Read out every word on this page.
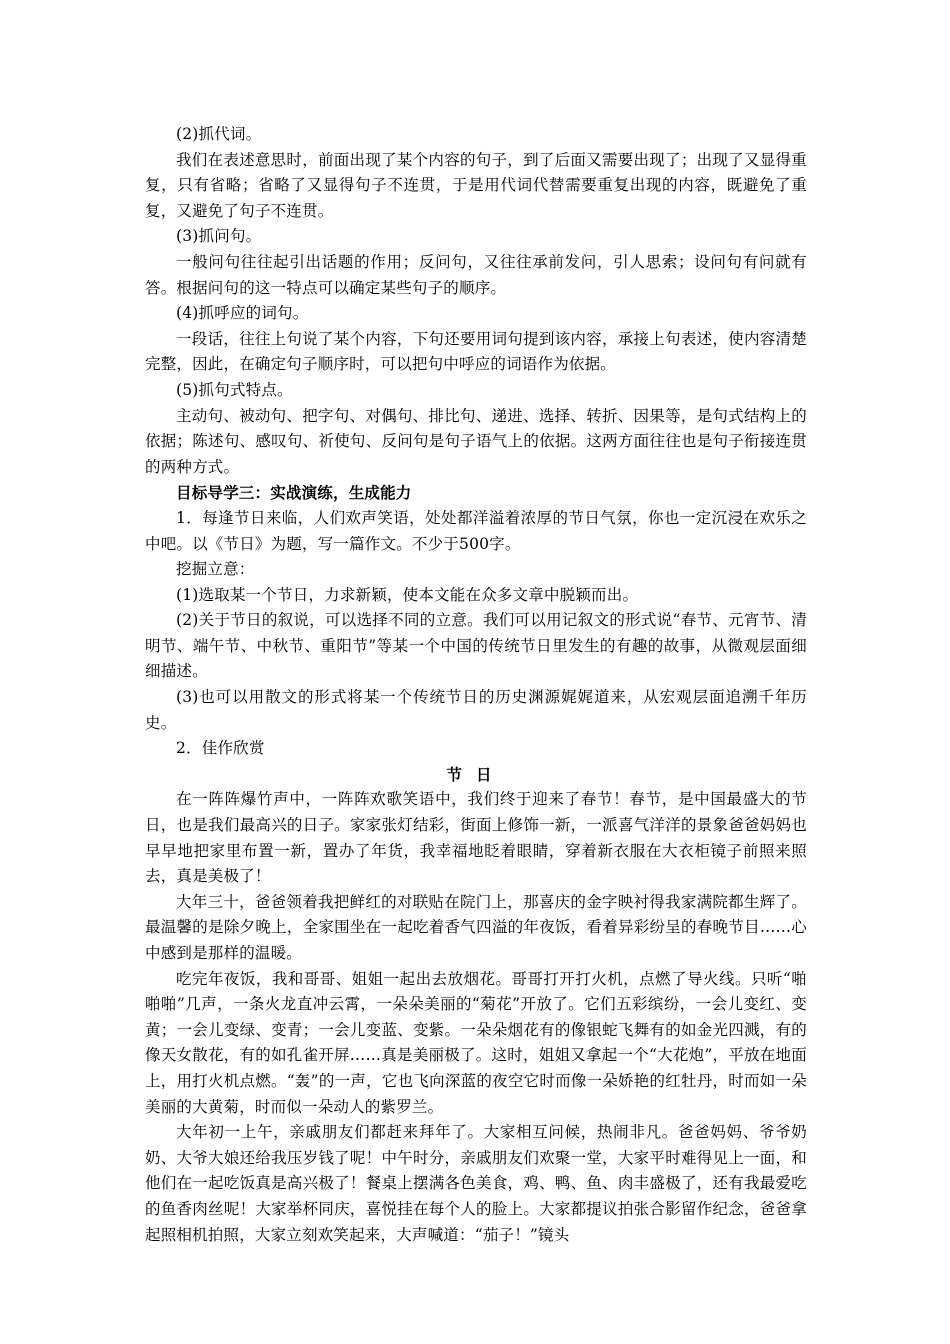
(2)抓代词。

我们在表述意思时，前面出现了某个内容的句子，到了后面又需要出现了；出现了又显得重复，只有省略；省略了又显得句子不连贯，于是用代词代替需要重复出现的内容，既避免了重复，又避免了句子不连贯。

(3)抓问句。

一般问句往往起引出话题的作用；反问句，又往往承前发问，引人思索；设问句有问就有答。根据问句的这一特点可以确定某些句子的顺序。

(4)抓呼应的词句。

一段话，往往上句说了某个内容，下句还要用词句提到该内容，承接上句表述，使内容清楚完整，因此，在确定句子顺序时，可以把句中呼应的词语作为依据。

(5)抓句式特点。

主动句、被动句、把字句、对偶句、排比句、递进、选择、转折、因果等，是句式结构上的依据；陈述句、感叹句、祈使句、反问句是句子语气上的依据。这两方面往往也是句子衔接连贯的两种方式。

目标导学三：实战演练，生成能力

1．每逢节日来临，人们欢声笑语，处处都洋溢着浓厚的节日气氛，你也一定沉浸在欢乐之中吧。以《节日》为题，写一篇作文。不少于500字。

挖掘立意：

(1)选取某一个节日，力求新颖，使本文能在众多文章中脱颖而出。

(2)关于节日的叙说，可以选择不同的立意。我们可以用记叙文的形式说“春节、元宵节、清明节、端午节、中秋节、重阳节”等某一个中国的传统节日里发生的有趣的故事，从微观层面细细描述。

(3)也可以用散文的形式将某一个传统节日的历史渊源娓娓道来，从宏观层面追溯千年历史。

2．佳作欣赏

节日

在一阵阵爆竹声中，一阵阵欢歌笑语中，我们终于迎来了春节！春节，是中国最盛大的节日，也是我们最高兴的日子。家家张灯结彩，街面上修饰一新，一派喜气洋洋的景象爸爸妈妈也早早地把家里布置一新，置办了年货，我幸福地眨着眼睛，穿着新衣服在大衣柜镜子前照来照去，真是美极了！

大年三十，爸爸领着我把鲜红的对联贴在院门上，那喜庆的金字映衬得我家满院都生辉了。最温馨的是除夕晚上，全家围坐在一起吃着香气四溢的年夜饭，看着异彩纷呈的春晚节目……心中感到是那样的温暖。

吃完年夜饭，我和哥哥、姐姐一起出去放烟花。哥哥打开打火机，点燃了导火线。只听“啪啪啪”几声，一条火龙直冲云霄，一朵朵美丽的“菊花”开放了。它们五彩缤纷，一会儿变红、变黄；一会儿变绿、变青；一会儿变蓝、变紫。一朵朵烟花有的像银蛇飞舞有的如金光四溅，有的像天女散花，有的如孔雀开屏……真是美丽极了。这时，姐姐又拿起一个“大花炮”，平放在地面上，用打火机点燃。“轰”的一声，它也飞向深蓝的夜空它时而像一朵娇艳的红牡丹，时而如一朵美丽的大黄菊，时而似一朵动人的紫罗兰。

大年初一上午，亲戚朋友们都赶来拜年了。大家相互问候，热闹非凡。爸爸妈妈、爷爷奶奶、大爷大娘还给我压岁钱了呢！中午时分，亲戚朋友们欢聚一堂，大家平时难得见上一面，和他们在一起吃饭真是高兴极了！餐桌上摆满各色美食，鸡、鸭、鱼、肉丰盛极了，还有我最爱吃的鱼香肉丝呢！大家举杯同庆，喜悦挂在每个人的脸上。大家都提议拍张合影留作纪念，爸爸拿起照相机拍照，大家立刻欢笑起来，大声喊道：“茄子！”镜头
